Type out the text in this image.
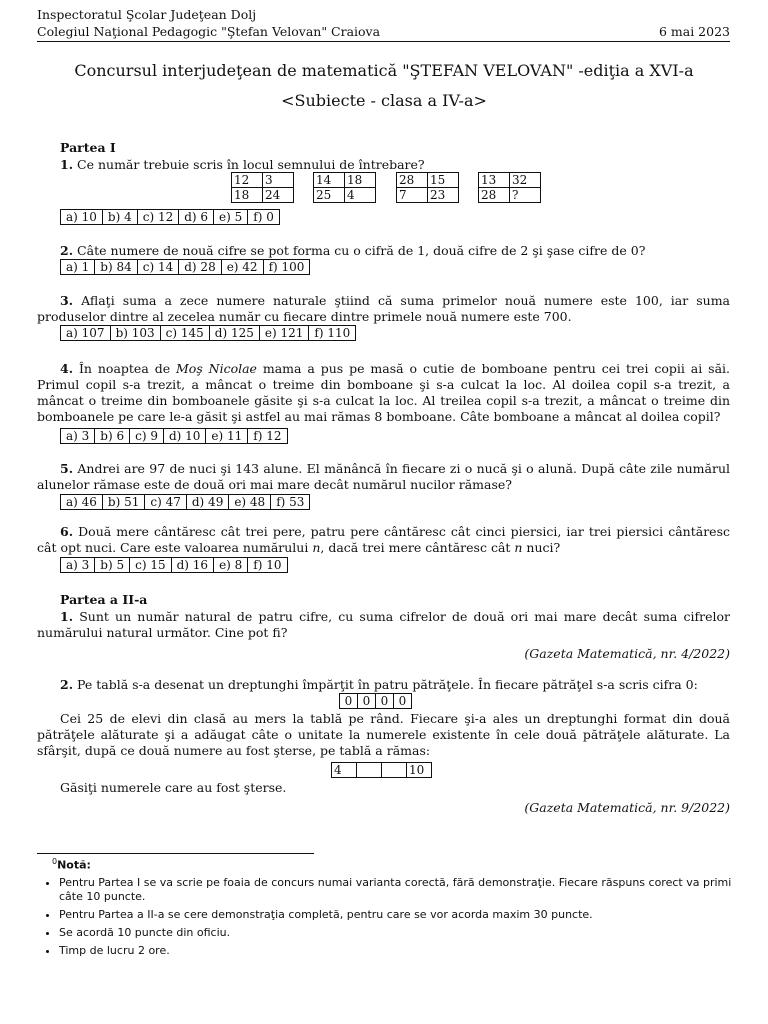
Inspectoratul Şcolar Judeţean Dolj
Colegiul Naţional Pedagogic "Ştefan Velovan" Craiova	6 mai 2023
Concursul interjudeţean de matematică "ŞTEFAN VELOVAN" -ediţia a XVI-a
<Subiecte - clasa a IV-a>
Partea I
1. Ce număr trebuie scris în locul semnului de întrebare?
12	3
18	24
14	18
25	4
28	15
7	23
13	32
28	?
a) 10	b) 4	c) 12	d) 6	e) 5	f) 0
2. Câte numere de nouă cifre se pot forma cu o cifră de 1, două cifre de 2 şi şase cifre de 0?
a) 1	b) 84	c) 14	d) 28	e) 42	f) 100
3. Aflaţi suma a zece numere naturale ştiind că suma primelor nouă numere este 100, iar suma produselor dintre al zecelea număr cu fiecare dintre primele nouă numere este 700.
a) 107	b) 103	c) 145	d) 125	e) 121	f) 110
4. În noaptea de Moş Nicolae mama a pus pe masă o cutie de bomboane pentru cei trei copii ai săi. Primul copil s-a trezit, a mâncat o treime din bomboane şi s-a culcat la loc. Al doilea copil s-a trezit, a mâncat o treime din bomboanele găsite şi s-a culcat la loc. Al treilea copil s-a trezit, a mâncat o treime din bomboanele pe care le-a găsit şi astfel au mai rămas 8 bomboane. Câte bomboane a mâncat al doilea copil?
a) 3	b) 6	c) 9	d) 10	e) 11	f) 12
5. Andrei are 97 de nuci şi 143 alune. El mănâncă în fiecare zi o nucă şi o alună. După câte zile numărul alunelor rămase este de două ori mai mare decât numărul nucilor rămase?
a) 46	b) 51	c) 47	d) 49	e) 48	f) 53
6. Două mere cântăresc cât trei pere, patru pere cântăresc cât cinci piersici, iar trei piersici cântăresc cât opt nuci. Care este valoarea numărului n, dacă trei mere cântăresc cât n nuci?
a) 3	b) 5	c) 15	d) 16	e) 8	f) 10
Partea a II-a
1. Sunt un număr natural de patru cifre, cu suma cifrelor de două ori mai mare decât suma cifrelor numărului natural următor. Cine pot fi?
(Gazeta Matematică, nr. 4/2022)
2. Pe tablă s-a desenat un dreptunghi împărţit în patru pătrăţele. În fiecare pătrăţel s-a scris cifra 0:
0	0	0	0
Cei 25 de elevi din clasă au mers la tablă pe rând. Fiecare şi-a ales un dreptunghi format din două pătrăţele alăturate şi a adăugat câte o unitate la numerele existente în cele două pătrăţele alăturate. La sfârşit, după ce două numere au fost şterse, pe tablă a rămas:
4			10
Găsiţi numerele care au fost şterse.
(Gazeta Matematică, nr. 9/2022)
$^0$Notă:
• Pentru Partea I se va scrie pe foaia de concurs numai varianta corectă, fără demonstraţie. Fiecare răspuns corect va primi câte 10 puncte.
• Pentru Partea a II-a se cere demonstraţia completă, pentru care se vor acorda maxim 30 puncte.
• Se acordă 10 puncte din oficiu.
• Timp de lucru 2 ore.
